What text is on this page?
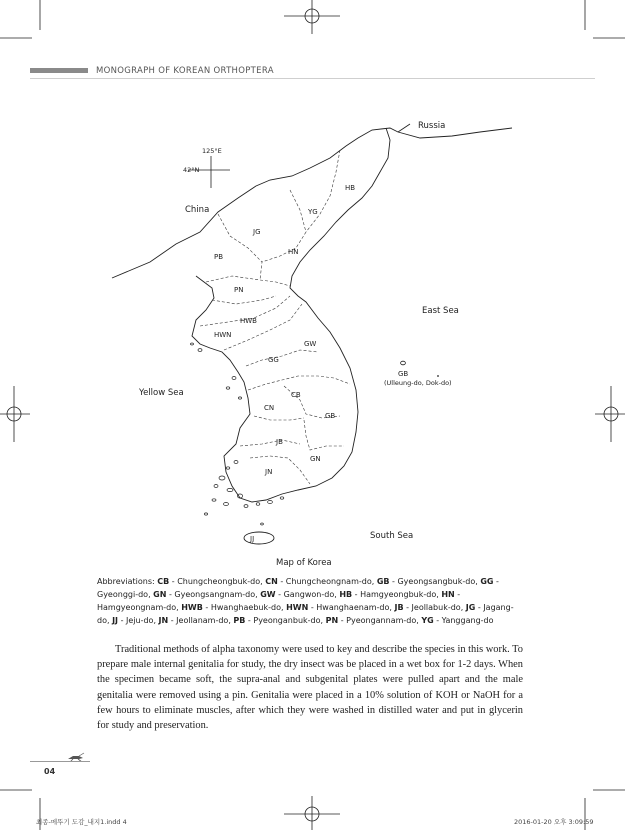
MONOGRAPH OF KOREAN ORTHOPTERA
125°E
42°N
Russia
China
East Sea
Yellow Sea
South Sea
HB
YG
JG
HN
PB
PN
HWB
HWN
GW
GG
CB
CN
GB
JB
GN
JN
JJ
GB
(Ulleung-do, Dok-do)
Map of Korea
Abbreviations: CB - Chungcheongbuk-do, CN - Chungcheongnam-do, GB - Gyeongsangbuk-do, GG - Gyeonggi-do, GN - Gyeongsangnam-do, GW - Gangwon-do, HB - Hamgyeongbuk-do, HN - Hamgyeongnam-do, HWB - Hwanghaebuk-do, HWN - Hwanghaenam-do, JB - Jeollabuk-do, JG - Jagang-do, JJ - Jeju-do, JN - Jeollanam-do, PB - Pyeonganbuk-do, PN - Pyeongannam-do, YG - Yanggang-do
Traditional methods of alpha taxonomy were used to key and describe the species in this work. To prepare male internal genitalia for study, the dry insect was be placed in a wet box for 1-2 days. When the specimen became soft, the supra-anal and subgenital plates were pulled apart and the male genitalia were removed using a pin. Genitalia were placed in a 10% solution of KOH or NaOH for a few hours to eliminate muscles, after which they were washed in distilled water and put in glycerin for study and preservation.
04
최종-메뚜기 도감_내지1.indd 4	2016-01-20 오후 3:09:59
